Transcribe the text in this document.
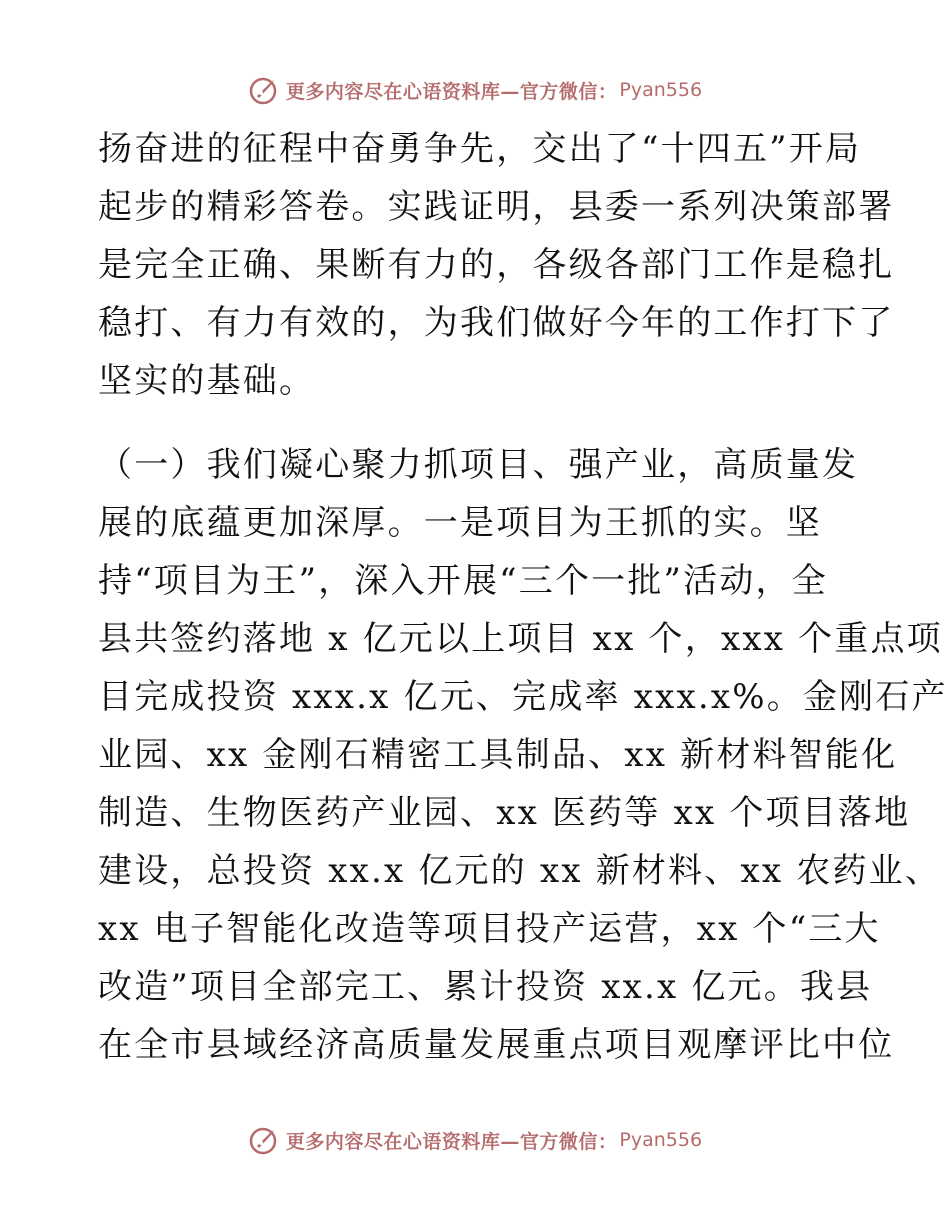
更多内容尽在心语资料库—官方微信： Pyan556
扬奋进的征程中奋勇争先，交出了“十四五”开局
起步的精彩答卷。实践证明，县委一系列决策部署
是完全正确、果断有力的，各级各部门工作是稳扎
稳打、有力有效的，为我们做好今年的工作打下了
坚实的基础。
（一）我们凝心聚力抓项目、强产业，高质量发
展的底蕴更加深厚。一是项目为王抓的实。坚
持“项目为王”，深入开展“三个一批”活动，全
县共签约落地 x 亿元以上项目 xx 个，xxx 个重点项
目完成投资 xxx.x 亿元、完成率 xxx.x%。金刚石产
业园、xx 金刚石精密工具制品、xx 新材料智能化
制造、生物医药产业园、xx 医药等 xx 个项目落地
建设，总投资 xx.x 亿元的 xx 新材料、xx 农药业、
xx 电子智能化改造等项目投产运营，xx 个“三大
改造”项目全部完工、累计投资 xx.x 亿元。我县
在全市县域经济高质量发展重点项目观摩评比中位
更多内容尽在心语资料库—官方微信： Pyan556
